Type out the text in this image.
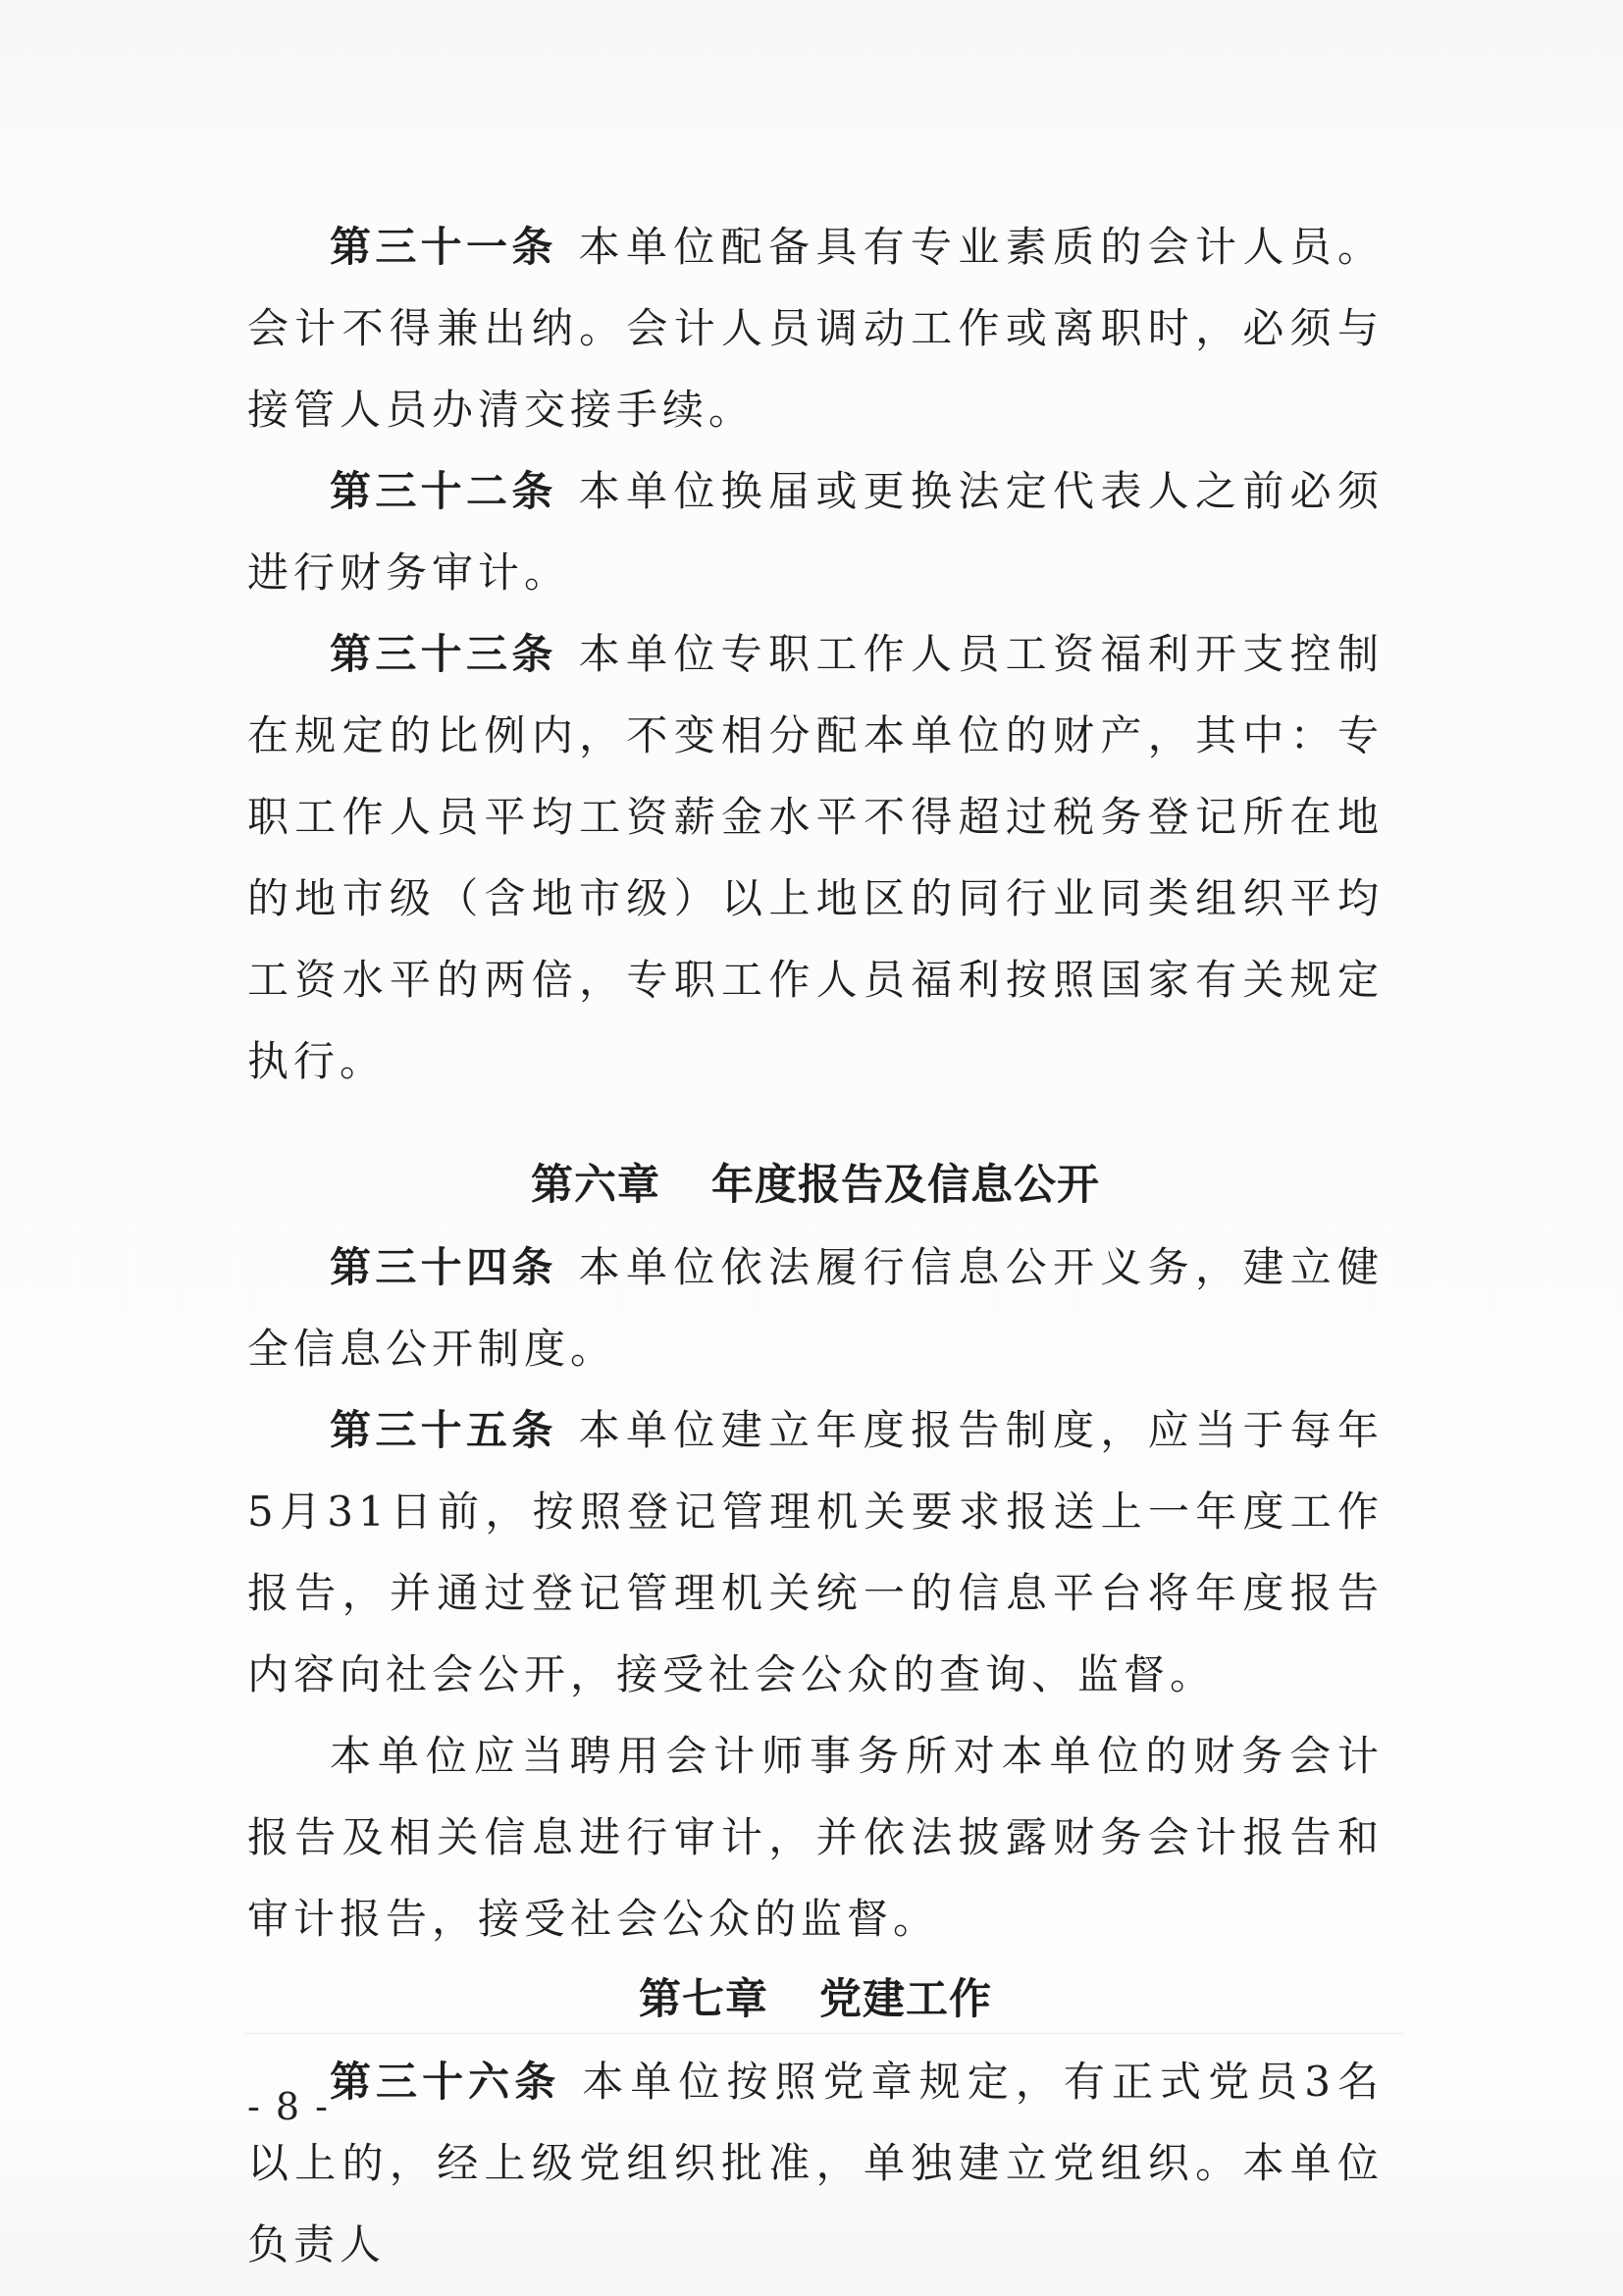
第三十一条 本单位配备具有专业素质的会计人员。会计不得兼出纳。会计人员调动工作或离职时，必须与接管人员办清交接手续。

第三十二条 本单位换届或更换法定代表人之前必须进行财务审计。

第三十三条 本单位专职工作人员工资福利开支控制在规定的比例内，不变相分配本单位的财产，其中：专职工作人员平均工资薪金水平不得超过税务登记所在地的地市级（含地市级）以上地区的同行业同类组织平均工资水平的两倍，专职工作人员福利按照国家有关规定执行。

第六章 年度报告及信息公开

第三十四条 本单位依法履行信息公开义务，建立健全信息公开制度。

第三十五条 本单位建立年度报告制度，应当于每年5月31日前，按照登记管理机关要求报送上一年度工作报告，并通过登记管理机关统一的信息平台将年度报告内容向社会公开，接受社会公众的查询、监督。

本单位应当聘用会计师事务所对本单位的财务会计报告及相关信息进行审计，并依法披露财务会计报告和审计报告，接受社会公众的监督。

第七章 党建工作

第三十六条 本单位按照党章规定，有正式党员3名以上的，经上级党组织批准，单独建立党组织。本单位负责人

- 8 -
